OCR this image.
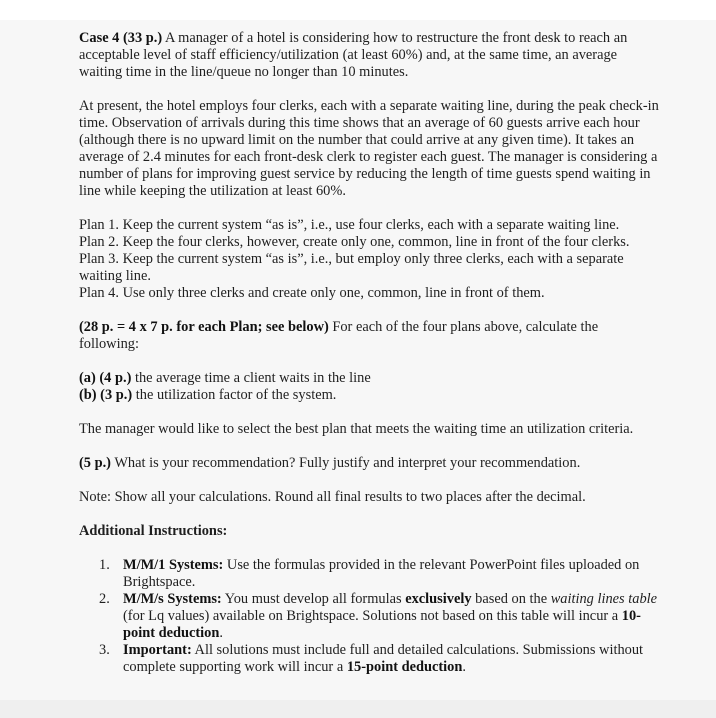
Case 4 (33 p.) A manager of a hotel is considering how to restructure the front desk to reach an acceptable level of staff efficiency/utilization (at least 60%) and, at the same time, an average waiting time in the line/queue no longer than 10 minutes.

At present, the hotel employs four clerks, each with a separate waiting line, during the peak check-in time. Observation of arrivals during this time shows that an average of 60 guests arrive each hour (although there is no upward limit on the number that could arrive at any given time). It takes an average of 2.4 minutes for each front-desk clerk to register each guest. The manager is considering a number of plans for improving guest service by reducing the length of time guests spend waiting in line while keeping the utilization at least 60%.

Plan 1. Keep the current system “as is”, i.e., use four clerks, each with a separate waiting line.

Plan 2. Keep the four clerks, however, create only one, common, line in front of the four clerks.

Plan 3. Keep the current system “as is”, i.e., but employ only three clerks, each with a separate waiting line.

Plan 4. Use only three clerks and create only one, common, line in front of them.

(28 p. = 4 x 7 p. for each Plan; see below) For each of the four plans above, calculate the following:

(a) (4 p.) the average time a client waits in the line

(b) (3 p.) the utilization factor of the system.

The manager would like to select the best plan that meets the waiting time an utilization criteria.

(5 p.) What is your recommendation? Fully justify and interpret your recommendation.

Note: Show all your calculations. Round all final results to two places after the decimal.

Additional Instructions:

1. M/M/1 Systems: Use the formulas provided in the relevant PowerPoint files uploaded on Brightspace.
2. M/M/s Systems: You must develop all formulas exclusively based on the waiting lines table (for Lq values) available on Brightspace. Solutions not based on this table will incur a 10-point deduction.
3. Important: All solutions must include full and detailed calculations. Submissions without complete supporting work will incur a 15-point deduction.
